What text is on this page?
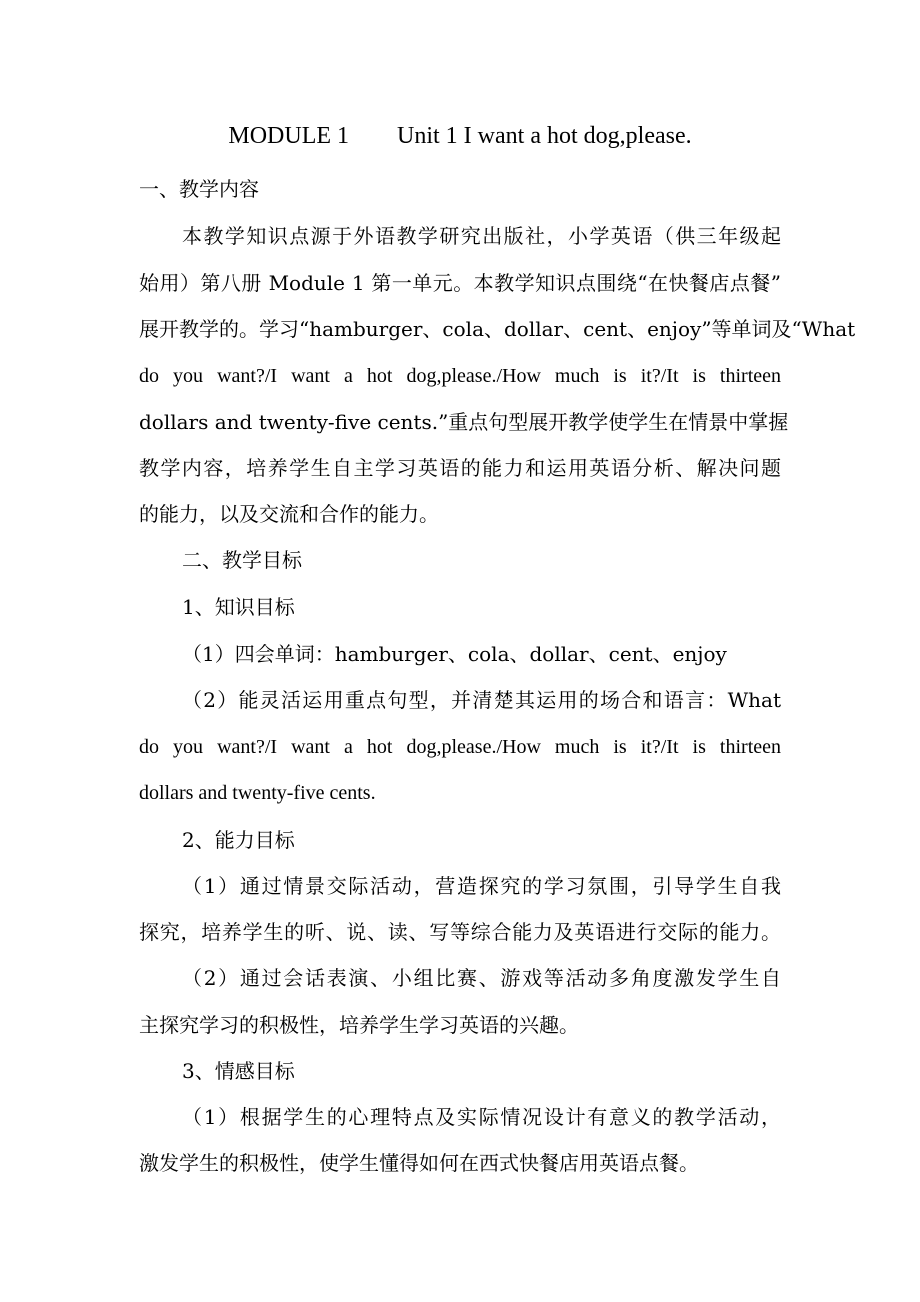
MODULE 1　　Unit 1 I want a hot dog,please.
一、教学内容
本教学知识点源于外语教学研究出版社，小学英语（供三年级起
始用）第八册 Module 1 第一单元。本教学知识点围绕“在快餐店点餐”
展开教学的。学习“hamburger、cola、dollar、cent、enjoy”等单词及“What
do you want?/I want a hot dog,please./How much is it?/It is thirteen
dollars and twenty-five cents.”重点句型展开教学使学生在情景中掌握
教学内容，培养学生自主学习英语的能力和运用英语分析、解决问题
的能力，以及交流和合作的能力。
二、教学目标
1、知识目标
（1）四会单词：hamburger、cola、dollar、cent、enjoy
（2）能灵活运用重点句型，并清楚其运用的场合和语言：What
do you want?/I want a hot dog,please./How much is it?/It is thirteen
dollars and twenty-five cents.
2、能力目标
（1）通过情景交际活动，营造探究的学习氛围，引导学生自我
探究，培养学生的听、说、读、写等综合能力及英语进行交际的能力。
（2）通过会话表演、小组比赛、游戏等活动多角度激发学生自
主探究学习的积极性，培养学生学习英语的兴趣。
3、情感目标
（1）根据学生的心理特点及实际情况设计有意义的教学活动，
激发学生的积极性，使学生懂得如何在西式快餐店用英语点餐。
